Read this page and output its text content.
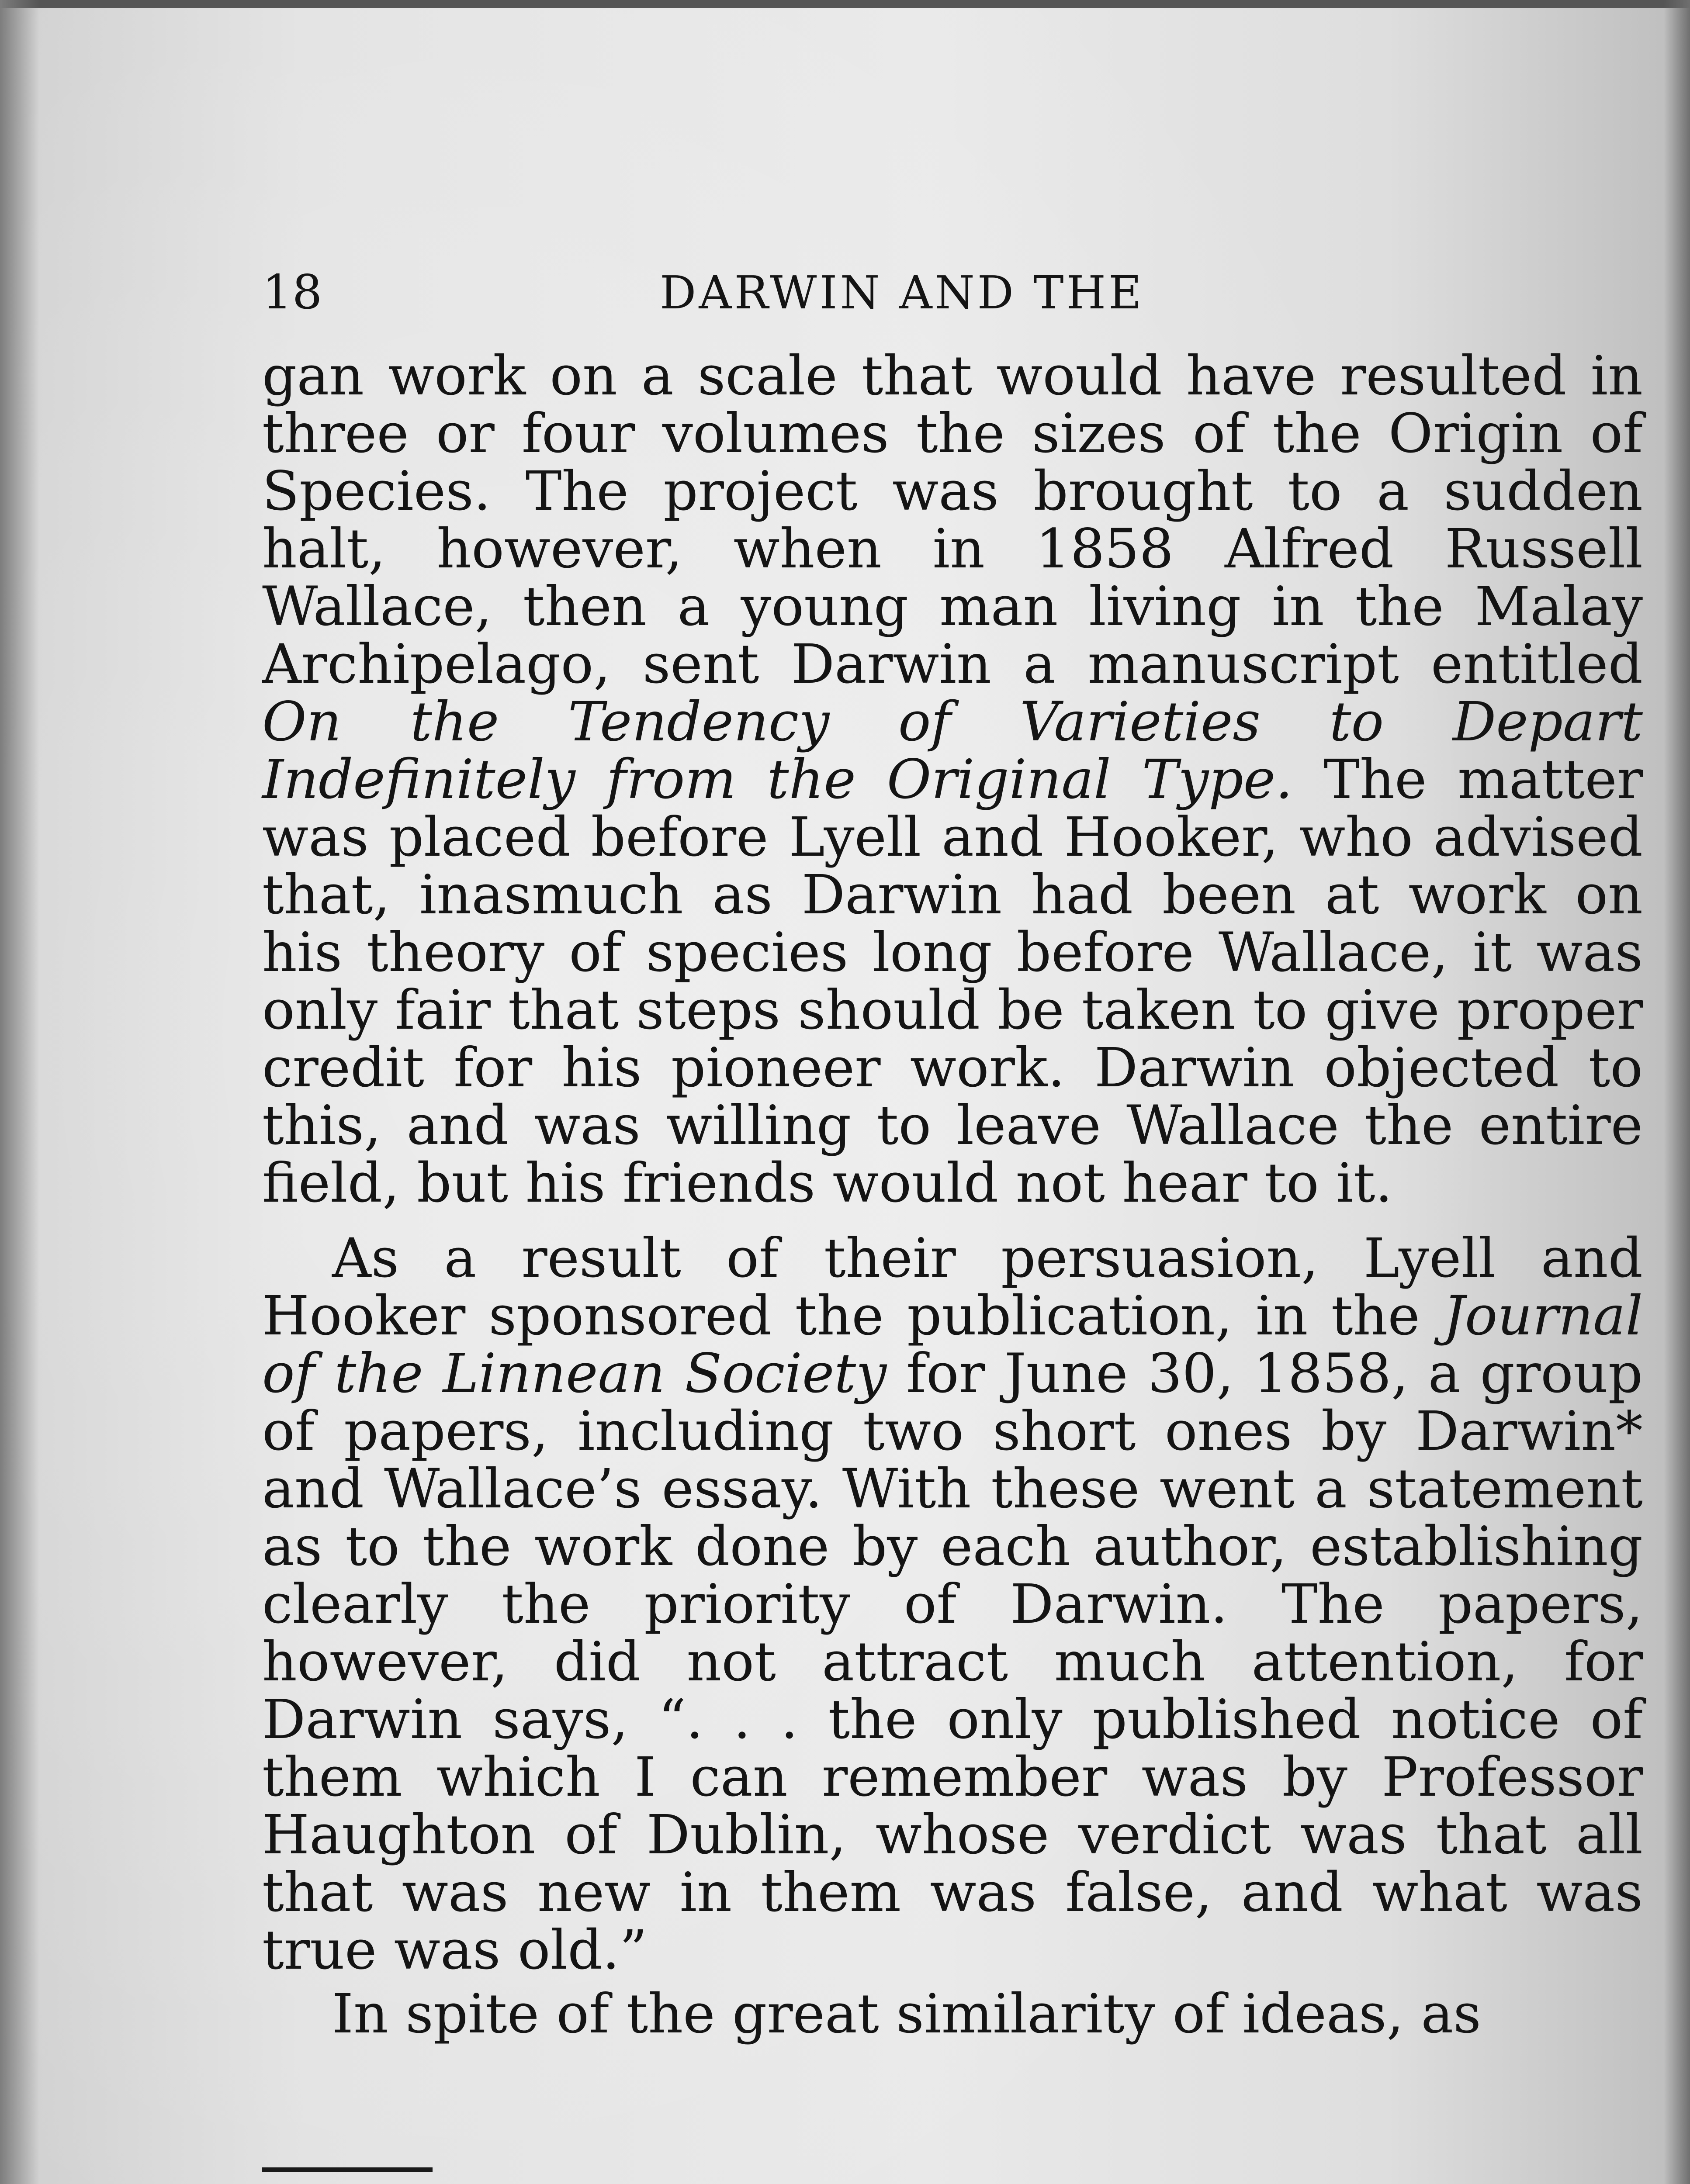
18	DARWIN AND THE

gan work on a scale that would have resulted in three or four volumes the sizes of the Origin of Species. The project was brought to a sudden halt, however, when in 1858 Alfred Russell Wallace, then a young man living in the Malay Archipelago, sent Darwin a manuscript entitled On the Tendency of Varieties to Depart Indefinitely from the Original Type. The matter was placed before Lyell and Hooker, who advised that, inasmuch as Darwin had been at work on his theory of species long before Wallace, it was only fair that steps should be taken to give proper credit for his pioneer work. Darwin objected to this, and was willing to leave Wallace the entire field, but his friends would not hear to it.

As a result of their persuasion, Lyell and Hooker sponsored the publication, in the Journal of the Linnean Society for June 30, 1858, a group of papers, including two short ones by Darwin* and Wallace’s essay. With these went a statement as to the work done by each author, establishing clearly the priority of Darwin. The papers, however, did not attract much attention, for Darwin says, “. . . the only published notice of them which I can remember was by Professor Haughton of Dublin, whose verdict was that all that was new in them was false, and what was true was old.”

In spite of the great similarity of ideas, as
